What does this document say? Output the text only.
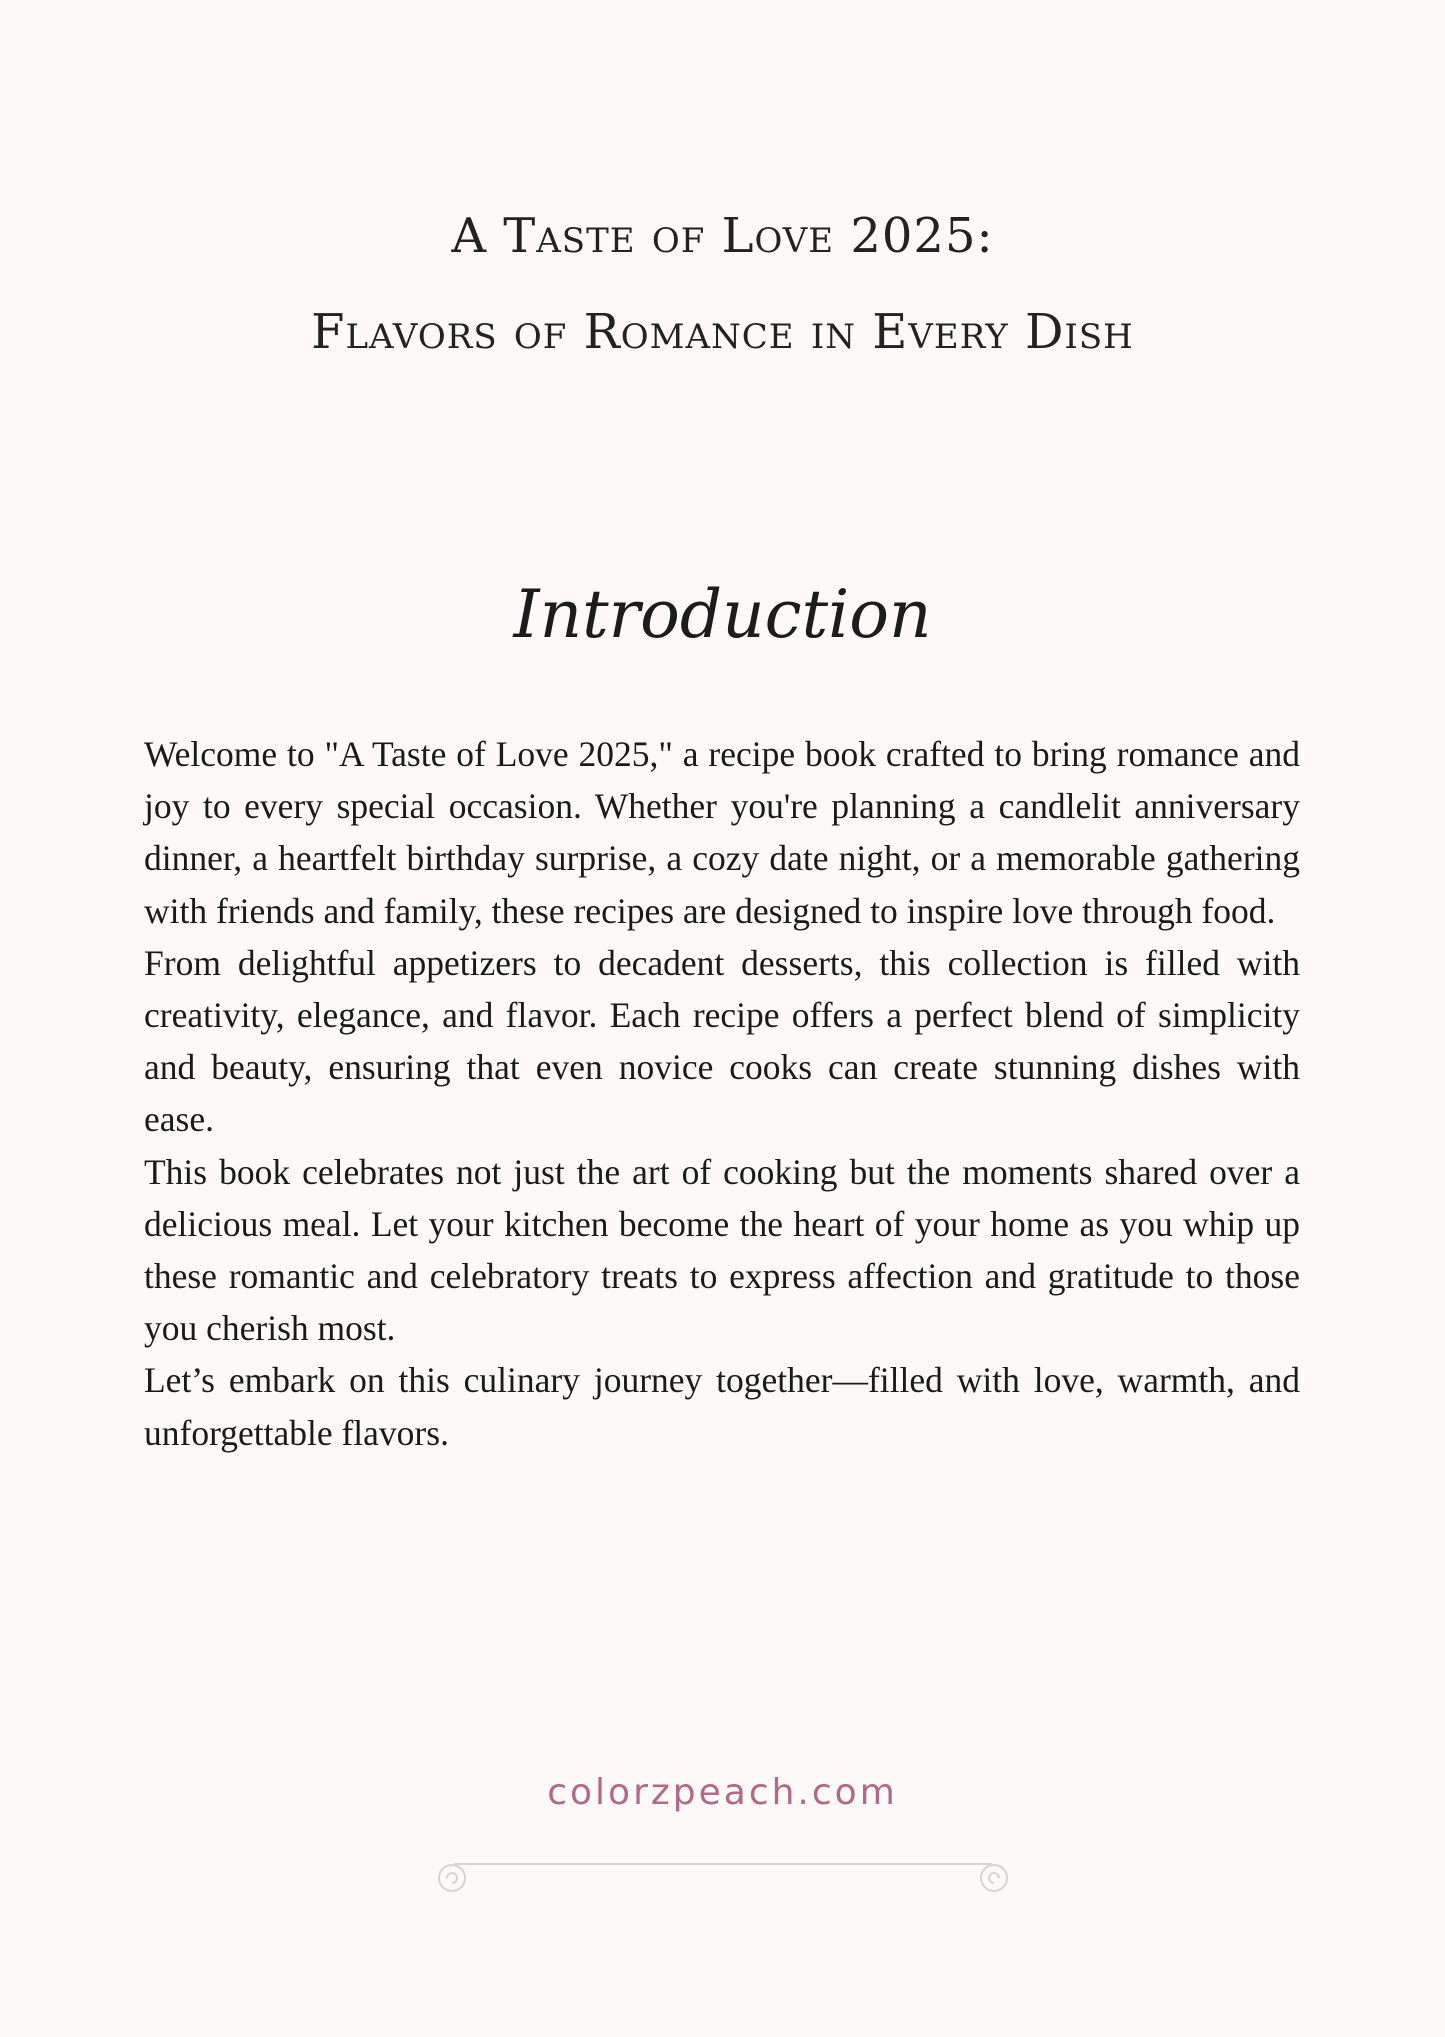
A Taste of Love 2025:
Flavors of Romance in Every Dish
Introduction

Welcome to "A Taste of Love 2025," a recipe book crafted to bring romance and joy to every special occasion. Whether you're planning a candlelit anniversary dinner, a heartfelt birthday surprise, a cozy date night, or a memorable gathering with friends and family, these recipes are designed to inspire love through food.

From delightful appetizers to decadent desserts, this collection is filled with creativity, elegance, and flavor. Each recipe offers a perfect blend of simplicity and beauty, ensuring that even novice cooks can create stunning dishes with ease.

This book celebrates not just the art of cooking but the moments shared over a delicious meal. Let your kitchen become the heart of your home as you whip up these romantic and celebratory treats to express affection and gratitude to those you cherish most.

Let’s embark on this culinary journey together—filled with love, warmth, and unforgettable flavors.

colorzpeach.com
